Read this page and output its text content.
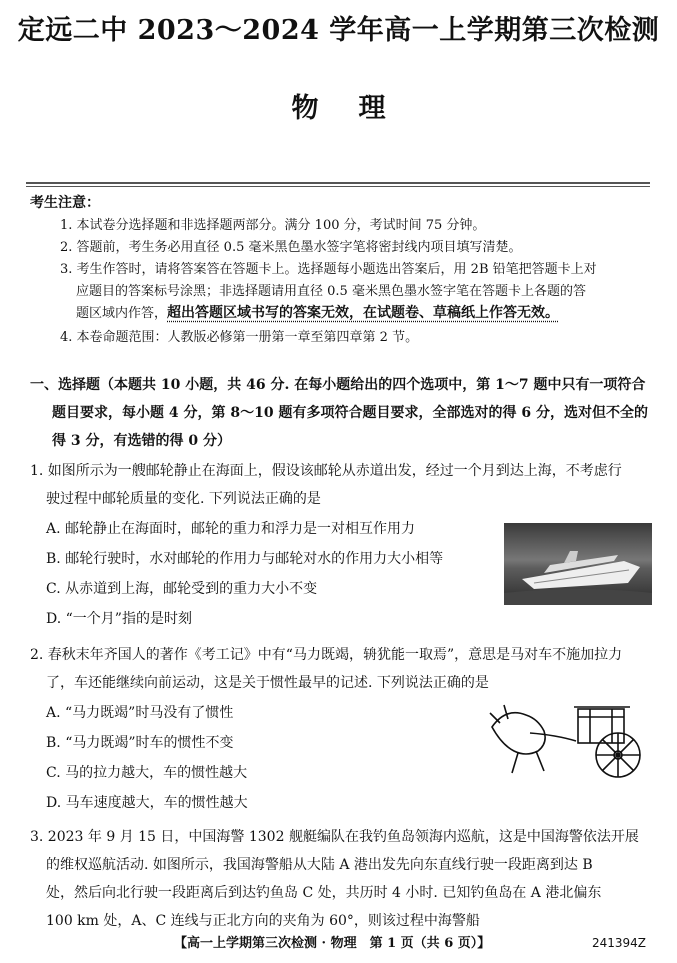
定远二中 2023～2024 学年高一上学期第三次检测
物理
考生注意：
1. 本试卷分选择题和非选择题两部分。满分 100 分，考试时间 75 分钟。
2. 答题前，考生务必用直径 0.5 毫米黑色墨水签字笔将密封线内项目填写清楚。
3. 考生作答时，请将答案答在答题卡上。选择题每小题选出答案后，用 2B 铅笔把答题卡上对
应题目的答案标号涂黑；非选择题请用直径 0.5 毫米黑色墨水签字笔在答题卡上各题的答
题区域内作答，超出答题区域书写的答案无效，在试题卷、草稿纸上作答无效。
4. 本卷命题范围：人教版必修第一册第一章至第四章第 2 节。
一、选择题（本题共 10 小题，共 46 分. 在每小题给出的四个选项中，第 1～7 题中只有一项符合
题目要求，每小题 4 分，第 8～10 题有多项符合题目要求，全部选对的得 6 分，选对但不全的
得 3 分，有选错的得 0 分）
1. 如图所示为一艘邮轮静止在海面上，假设该邮轮从赤道出发，经过一个月到达上海，不考虑行
驶过程中邮轮质量的变化. 下列说法正确的是
A. 邮轮静止在海面时，邮轮的重力和浮力是一对相互作用力
B. 邮轮行驶时，水对邮轮的作用力与邮轮对水的作用力大小相等
C. 从赤道到上海，邮轮受到的重力大小不变
D. “一个月”指的是时刻
2. 春秋末年齐国人的著作《考工记》中有“马力既竭，辀犹能一取焉”，意思是马对车不施加拉力
了，车还能继续向前运动，这是关于惯性最早的记述. 下列说法正确的是
A. “马力既竭”时马没有了惯性
B. “马力既竭”时车的惯性不变
C. 马的拉力越大，车的惯性越大
D. 马车速度越大，车的惯性越大
3. 2023 年 9 月 15 日，中国海警 1302 舰艇编队在我钓鱼岛领海内巡航，这是中国海警依法开展
的维权巡航活动. 如图所示，我国海警船从大陆 A 港出发先向东直线行驶一段距离到达 B
处，然后向北行驶一段距离后到达钓鱼岛 C 处，共历时 4 小时. 已知钓鱼岛在 A 港北偏东
100 km 处，A、C 连线与正北方向的夹角为 60°，则该过程中海警船
【高一上学期第三次检测 · 物理　第 1 页（共 6 页）】	241394Z
